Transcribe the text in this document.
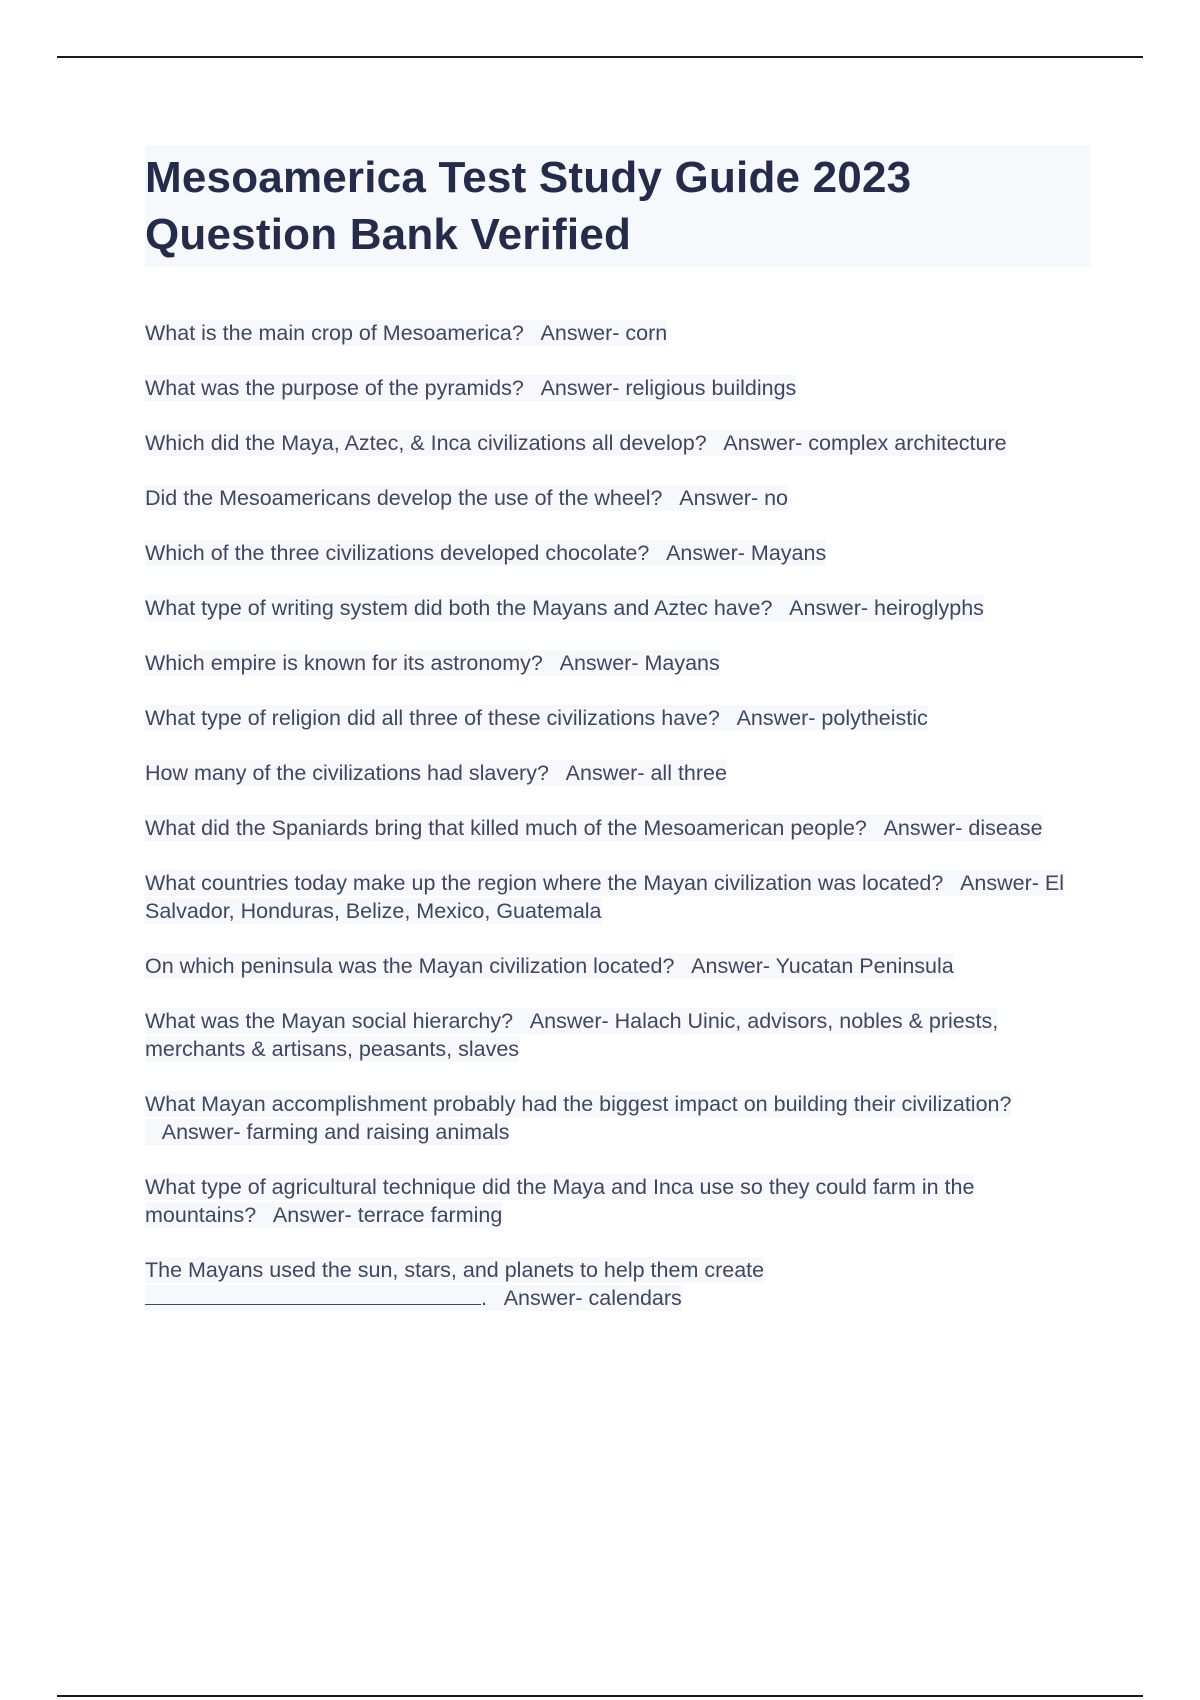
Mesoamerica Test Study Guide 2023
Question Bank Verified

What is the main crop of Mesoamerica? Answer- corn

What was the purpose of the pyramids? Answer- religious buildings

Which did the Maya, Aztec, & Inca civilizations all develop? Answer- complex architecture

Did the Mesoamericans develop the use of the wheel? Answer- no

Which of the three civilizations developed chocolate? Answer- Mayans

What type of writing system did both the Mayans and Aztec have? Answer- heiroglyphs

Which empire is known for its astronomy? Answer- Mayans

What type of religion did all three of these civilizations have? Answer- polytheistic

How many of the civilizations had slavery? Answer- all three

What did the Spaniards bring that killed much of the Mesoamerican people? Answer- disease

What countries today make up the region where the Mayan civilization was located? Answer- El Salvador, Honduras, Belize, Mexico, Guatemala

On which peninsula was the Mayan civilization located? Answer- Yucatan Peninsula

What was the Mayan social hierarchy? Answer- Halach Uinic, advisors, nobles & priests, merchants & artisans, peasants, slaves

What Mayan accomplishment probably had the biggest impact on building their civilization?   Answer- farming and raising animals

What type of agricultural technique did the Maya and Inca use so they could farm in the mountains? Answer- terrace farming

The Mayans used the sun, stars, and planets to help them create . Answer- calendars
